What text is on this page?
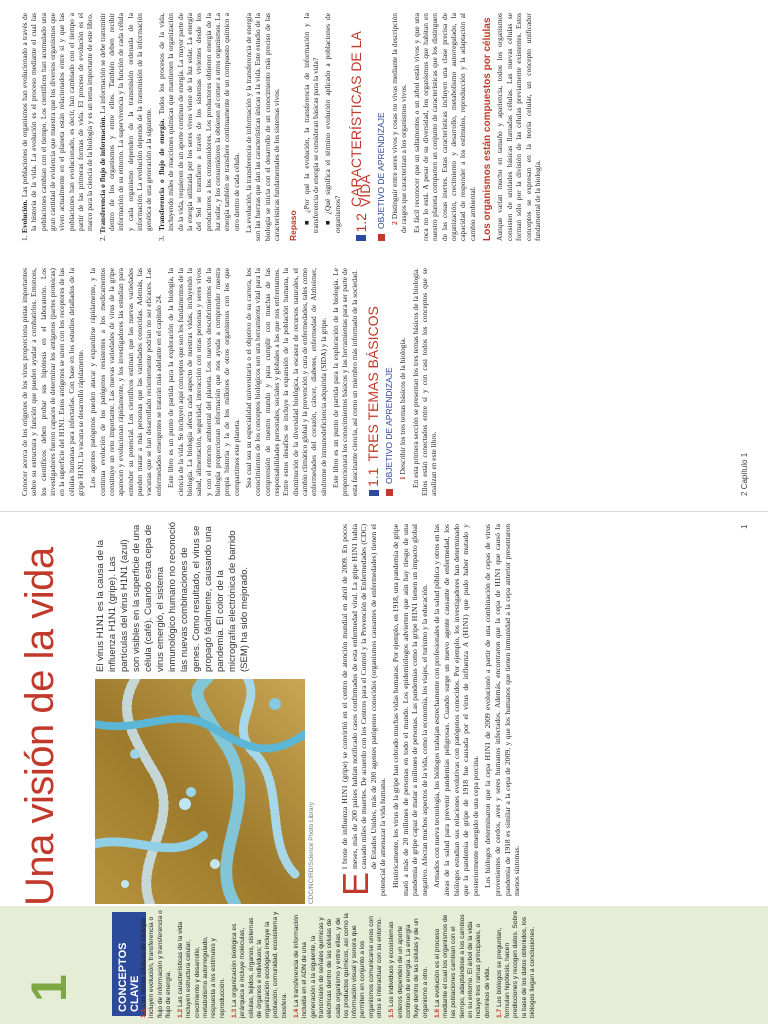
1
Una visión de la vida	El virus H1N1 es la causa de la influenza H1N1 (gripe). Las partículas del virus H1N1 (azul) son visibles en la superficie de una célula (café). Cuando esta cepa de virus emergió, el sistema inmunológico humano no reconoció las nuevas combinaciones de genes. Como resultado, el virus se propagó fácilmente, causando una pandemia. El color de la micrografía electrónica de barrido (SEM) ha sido mejorado.
CDC/NCIRD/Science Photo Library
CONCEPTOS CLAVE
1.1Los temas básicos de biología incluyen evolución, transferencia o flujo de información y transferencia o flujo de energía. 1.2Las características de la vida incluyen estructura celular, crecimiento y desarrollo, metabolismo autorregulado, respuesta a los estímulos y reproducción. 1.3La organización biológica es jerárquica e incluye moléculas, células, tejidos, órganos, sistemas de órganos e individuos; la organización ecológica incluye la población, comunidad, ecosistema y biosfera. 1.4La transferencia de información incluida en el ADN de una generación a la siguiente, la transmisión de señales químicas y eléctricas dentro de las células de cada organismo y entre ellas, y de los productos químicos, así como la información visual y sonora que permiten en conjunto a los organismos comunicarse unos con otros e interactuar con su entorno. 1.5Los individuos y ecosistemas enteros dependen de un aporte continuo de energía. La energía fluye dentro de las células y de un organismo a otro. 1.6La evolución es el proceso mediante el cual los organismos de las poblaciones cambian con el tiempo, adaptándose a los cambios en su entorno. El árbol de la vida incluye tres ramas principales, o dominios de vida. 1.7Los biólogos se preguntan, formulan hipótesis, hacen predicciones y recogen datos. Sobre la base de los datos obtenidos, los biólogos llegan a conclusiones.

E
l brote de influenza H1N1 (gripe) se convirtió en el centro de atención mundial en abril de 2009. En pocos meses, más de 200 países habían notificado casos confirmados de esta enfermedad viral. La gripe H1N1 había causado miles de muertes. De acuerdo con los Centros para el Control y la Prevención de Enfermedades (CDC) de Estados Unidos, más de 200 agentes patógenos conocidos (organismos causantes de enfermedades) tienen el potencial de amenazar la vida humana. Históricamente, los virus de la gripe han cobrado muchas vidas humanas. Por ejemplo, en 1918, una pandemia de gripe mató a más de 20 millones de personas en todo el mundo. Los epidemiólogos advierten que aún hay riesgo de una pandemia de gripe capaz de matar a millones de personas. Las pandemias como la gripe H1N1 tienen un impacto global negativo. Afectan muchos aspectos de la vida, como la economía, los viajes, el turismo y la educación. Armados con nueva tecnología, los biólogos trabajan estrechamente con profesionales de la salud pública y otros en las áreas de la salud para prevenir pandemias peligrosas. Cuando surge un nuevo agente causante de enfermedad, los biólogos estudian sus relaciones evolutivas con patógenos conocidos. Por ejemplo, los investigadores han determinado que la pandemia de gripe de 1918 fue causada por el virus de influenza A (H1N1) que pudo haber mutado y posteriormente emergido de una cepa porcina. Los biólogos determinaron que la cepa H1N1 de 2009 evolucionó a partir de una combinación de cepas de virus provenientes de cerdos, aves y seres humanos infectados. Además, encontraron que la cepa de H1N1 que causó la pandemia de 1918 es similar a la cepa de 2009, y que los humanos que tienen inmunidad a la cepa anterior presentaron menos síntomas.

1

Conocer acerca de los orígenes de los virus proporciona pistas importantes sobre su estructura y función que pueden ayudar a combatirlos. Entonces, los científicos deben probar sus hipótesis en el laboratorio. Los investigadores fueron capaces de determinar los antígenos (partes proteicas) en la superficie del H1N1. Estos antígenos se unen con los receptores de las células humanas para infectarlas. Con base en los estudios detallados de la gripe H1N1, la vacuna se desarrolló rápidamente. Los agentes patógenos pueden atacar y expandirse rápidamente, y la continua evolución de los patógenos resistentes a los medicamentos constituye un reto importante. Las nuevas variedades de virus de la gripe aparecen y evolucionan rápidamente, y los investigadores las estudian para entender su potencial. Los científicos estiman que las nuevas variedades pueden matar a más personas que las variedades conocidas. Además, las vacunas que se han desarrollado recientemente podrían no ser eficaces. Las enfermedades emergentes se tratarán más adelante en el capítulo 24. Este libro es un punto de partida para la exploración de la biología, la ciencia de la vida. Se incluyen aquí conceptos que son los fundamentos de la biología. La biología afecta cada aspecto de nuestras vidas, incluyendo la salud, alimentación, seguridad, interacción con otras personas y seres vivos y con el entorno ambiental del planeta. Los nuevos descubrimientos de la biología proporcionan información que nos ayuda a comprender nuestra propia historia y la de los millones de otros organismos con los que compartimos este planeta. Sea cual sea su especialidad universitaria o el objetivo de su carrera, los conocimientos de los conceptos biológicos son una herramienta vital para la comprensión de nuestro mundo y para cumplir con muchas de las responsabilidades personales, sociales y globales a las que nos enfrentamos. Entre estos desafíos se incluye la expansión de la población humana, la disminución de la diversidad biológica, la escasez de recursos naturales, el cambio climático global y la prevención y cura de enfermedades, tales como enfermedades del corazón, cáncer, diabetes, enfermedad de Alzheimer, síndrome de inmunodeficiencia adquirida (SIDA) y la gripe. Este libro es un punto de partida para la exploración de la biología. Le proporcionará los conocimientos básicos y las herramientas para ser parte de esta fascinante ciencia, así como un miembro más informado de la sociedad. 1.1
TRES TEMAS BÁSICOS OBJETIVO DE APRENDIZAJE 1 Describir los tres temas básicos de la biología. En esta primera sección se presentan los tres temas básicos de la biología. Ellos están conectados entre sí y con casi todos los conceptos que se analizan en este libro.

1. Evolución. Las poblaciones de organismos han evolucionado a través de la historia de la vida. La evolución es el proceso mediante el cual las poblaciones cambian con el tiempo. Los científicos han acumulado una gran cantidad de evidencia que muestra que los diversos organismos que viven actualmente en el planeta están relacionados entre sí y que las poblaciones han evolucionado, es decir, han cambiado con el tiempo a partir de las primeras formas de vida. El proceso de evolución es el marco para la ciencia de la biología y es un tema importante de este libro.
2. Transferencia o flujo de información. La información se debe transmitir dentro de los organismos y entre ellos. También deben recibir información de su entorno. La supervivencia y la función de cada célula y cada organismo dependen de la transmisión ordenada de la información. La evolución depende de la transmisión de la información genética de una generación a la siguiente.
3. Transferencia o flujo de energía. Todos los procesos de la vida, incluyendo miles de reacciones químicas que mantienen la organización de la vida, requieren de un aporte continuo de energía. La mayor parte de la energía utilizada por los seres vivos viene de la luz solar. La energía del Sol se transfiere a través de los sistemas vivientes desde los productores a los consumidores. Los productores obtienen energía de la luz solar, y los consumidores la obtienen al comer a otros organismos. La energía también se transfiere continuamente de un compuesto químico a otro dentro de cada célula. La evolución, la transferencia de información y la transferencia de energía son las fuerzas que dan las características únicas a la vida. Este estudio de la biología se inicia con el desarrollo de un conocimiento más preciso de las características fundamentales de los sistemas vivos. Repaso

■ ¿Por qué la evolución, la transferencia de información y la transferencia de energía se consideran básicas para la vida? ■ ¿Qué significa el término evolución aplicado a poblaciones de organismos? 1.2
CARACTERÍSTICAS DE LA VIDA OBJETIVO DE APRENDIZAJE 2 Distinguir entre seres vivos y cosas no vivas mediante la descripción de rasgos que caracterizan a los organismos vivos. Es fácil reconocer que un saltamontes o un árbol están vivos y que una roca no lo está. A pesar de su diversidad, los organismos que habitan en nuestro planeta comparten un conjunto de características que los distinguen de las cosas inertes. Estas características incluyen una clase precisa de organización, crecimiento y desarrollo, metabolismo autorregulado, la capacidad de responder a los estímulos, reproducción y la adaptación al cambio ambiental. Los organismos están compuestos por células Aunque varían mucho en tamaño y apariencia, todos los organismos consisten de unidades básicas llamadas células. Las nuevas células se forman sólo por la división de las células previamente existentes. Estos conceptos se expresan en la teoría celular, un concepto unificador fundamental de la biología.

2 Capítulo 1
